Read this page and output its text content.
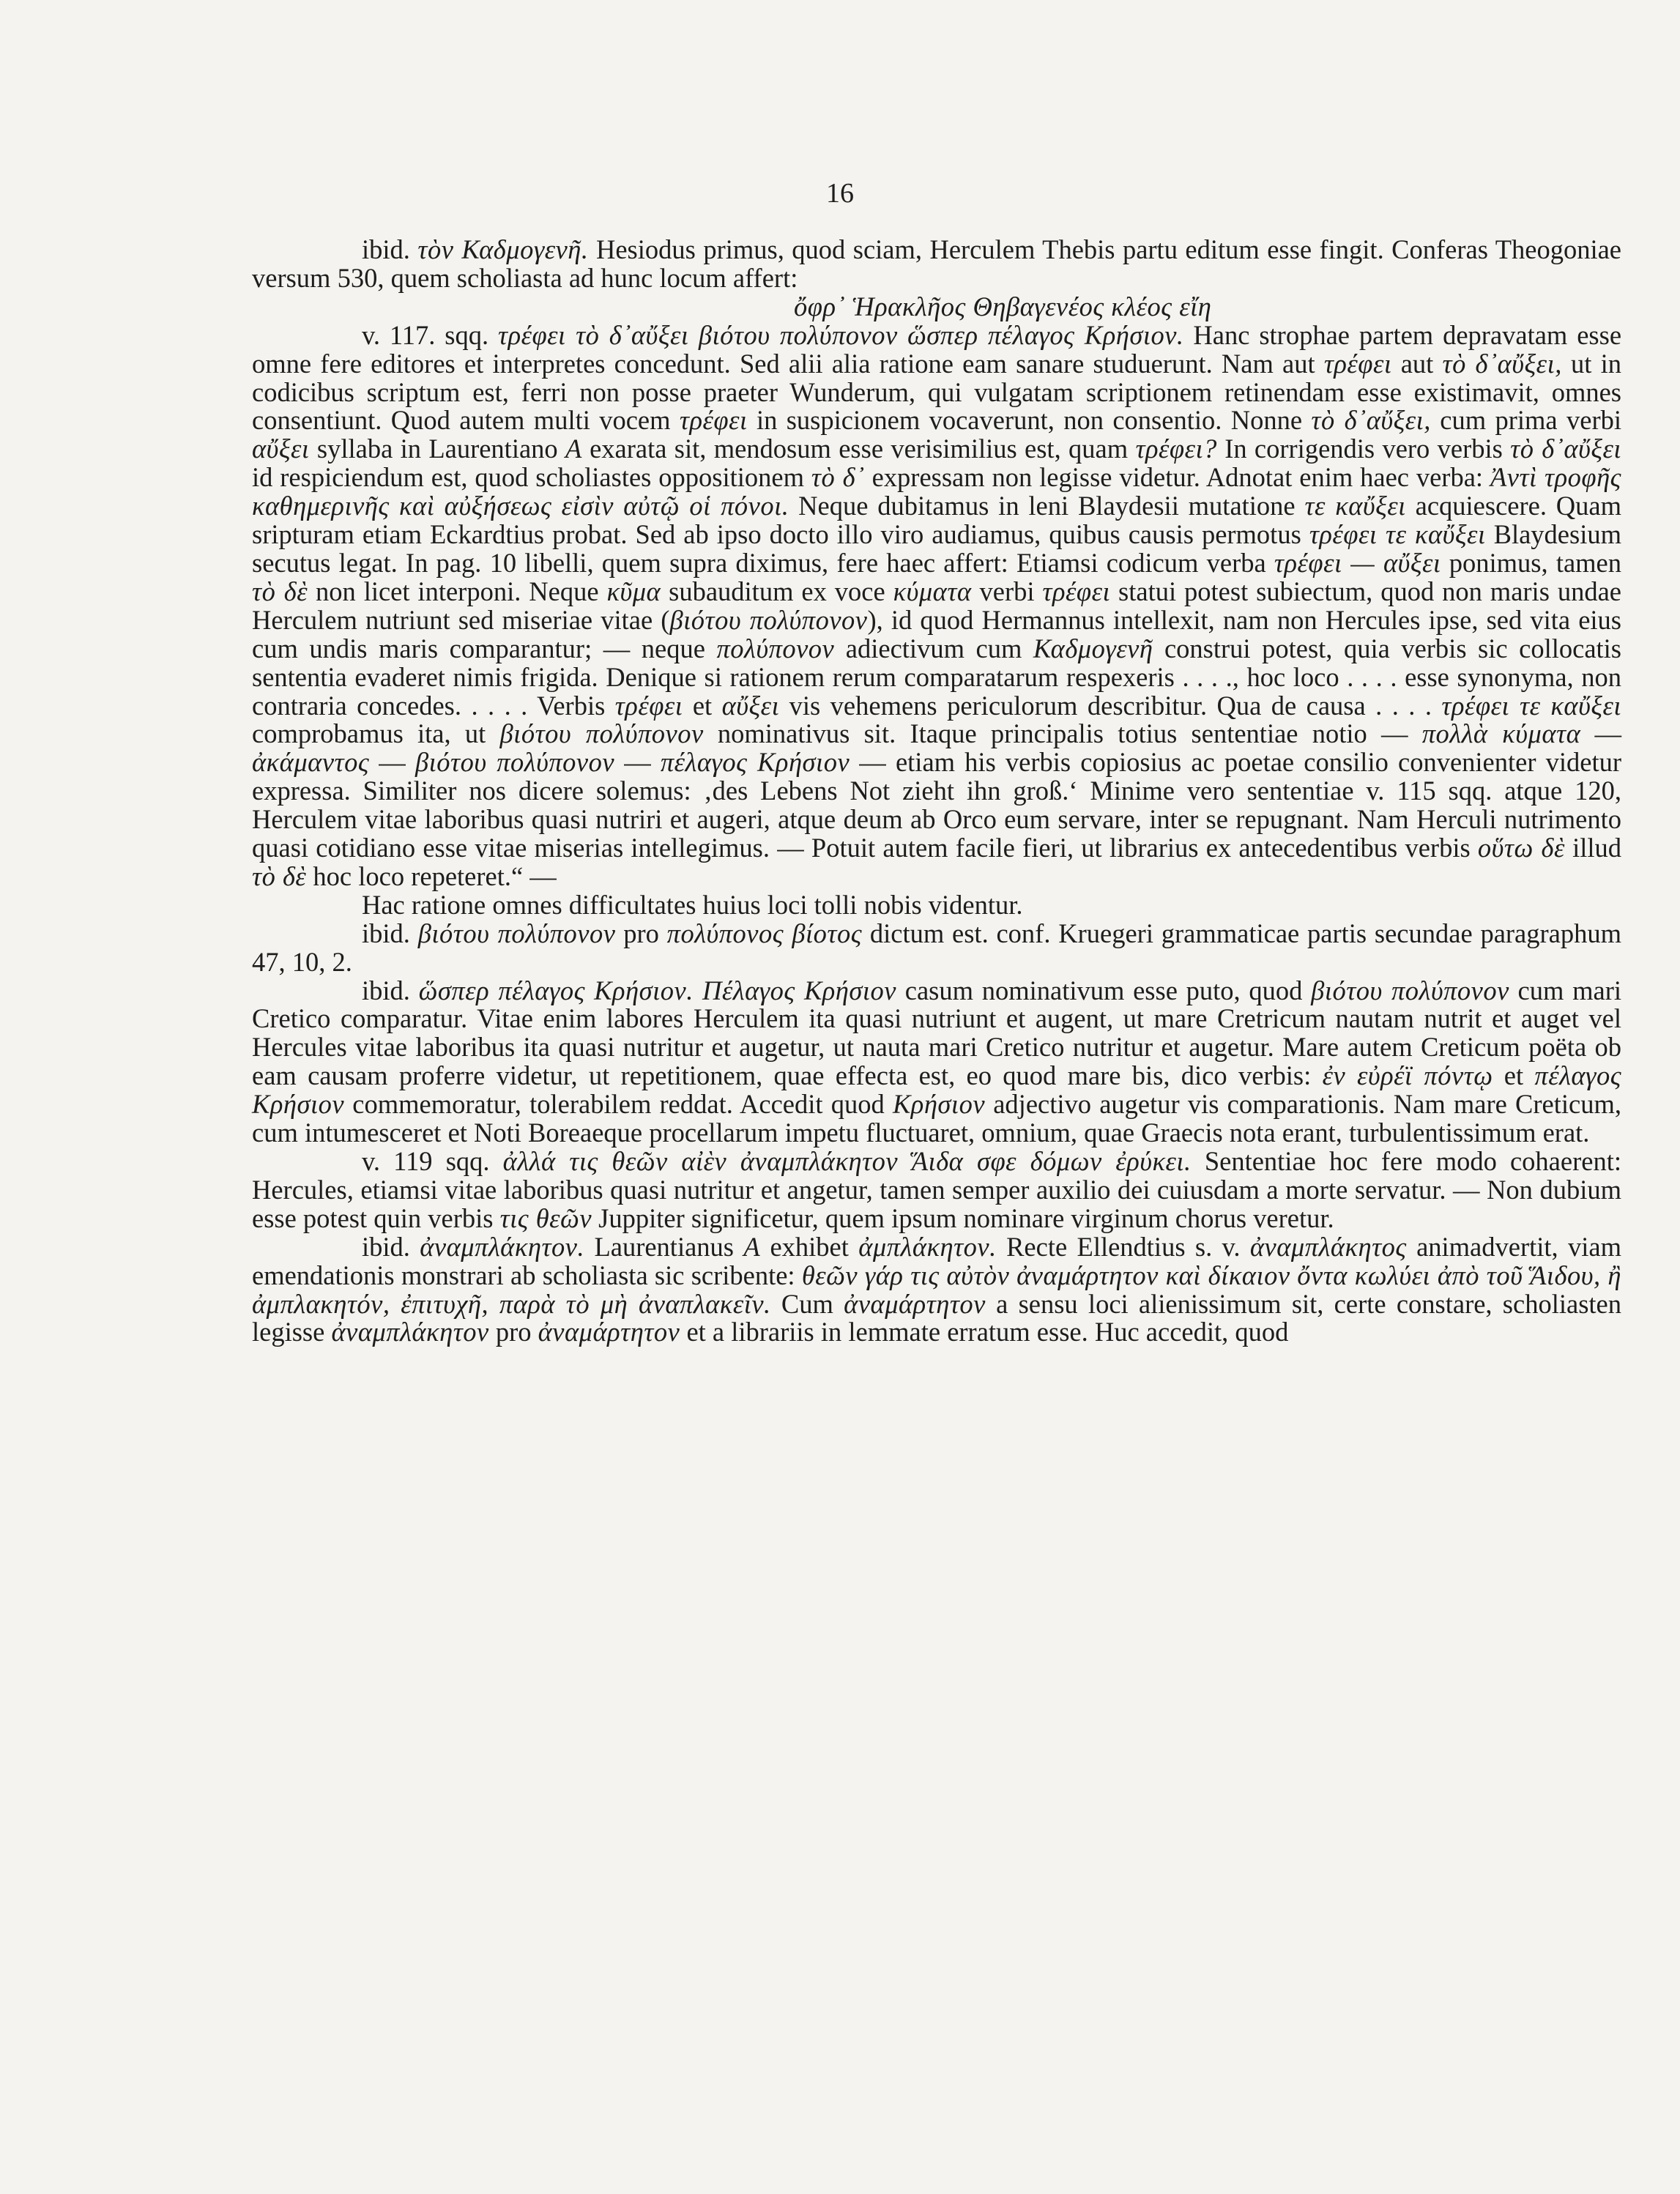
16

ibid. τὸν Καδμογενῆ. Hesiodus primus, quod sciam, Herculem Thebis partu editum esse fingit. Conferas Theogoniae versum 530, quem scholiasta ad hunc locum affert:

ὄφρ᾽ Ἡρακλῆος Θηβαγενέος κλέος εἴη

v. 117. sqq. τρέφει τὸ δ᾽αὔξει βιότου πολύπονον ὥσπερ πέλαγος Κρήσιον. Hanc strophae partem depravatam esse omne fere editores et interpretes concedunt. Sed alii alia ratione eam sanare studuerunt. Nam aut τρέφει aut τὸ δ᾽αὔξει, ut in codicibus scriptum est, ferri non posse praeter Wunderum, qui vulgatam scriptionem retinendam esse existimavit, omnes consentiunt. Quod autem multi vocem τρέφει in suspicionem vocaverunt, non consentio. Nonne τὸ δ᾽αὔξει, cum prima verbi αὔξει syllaba in Laurentiano Α exarata sit, mendosum esse verisimilius est, quam τρέφει? In corrigendis vero verbis τὸ δ᾽αὔξει id respiciendum est, quod scholiastes oppositionem τὸ δ᾽ expressam non legisse videtur. Adnotat enim haec verba: Ἀντὶ τροφῆς καθημερινῆς καὶ αὐξήσεως εἰσὶν αὐτῷ οἱ πόνοι. Neque dubitamus in leni Blaydesii mutatione τε καὔξει acquiescere. Quam sripturam etiam Eckardtius probat. Sed ab ipso docto illo viro audiamus, quibus causis permotus τρέφει τε καὔξει Blaydesium secutus legat. In pag. 10 libelli, quem supra diximus, fere haec affert: Etiamsi codicum verba τρέφει — αὔξει ponimus, tamen τὸ δὲ non licet interponi. Neque κῦμα subauditum ex voce κύματα verbi τρέφει statui potest subiectum, quod non maris undae Herculem nutriunt sed miseriae vitae (βιότου πολύπονον), id quod Hermannus intellexit, nam non Hercules ipse, sed vita eius cum undis maris comparantur; — neque πολύπονον adiectivum cum Καδμογενῆ construi potest, quia verbis sic collocatis sententia evaderet nimis frigida. Denique si rationem rerum comparatarum respexeris . . . ., hoc loco . . . . esse synonyma, non contraria concedes. . . . . Verbis τρέφει et αὔξει vis vehemens periculorum describitur. Qua de causa . . . . τρέφει τε καὔξει comprobamus ita, ut βιότου πολύπονον nominativus sit. Itaque principalis totius sententiae notio — πολλὰ κύματα — ἀκάμαντος — βιότου πολύπονον — πέλαγος Κρήσιον — etiam his verbis copiosius ac poetae consilio convenienter videtur expressa. Similiter nos dicere solemus: ‚des Lebens Not zieht ihn groß.‘ Minime vero sententiae v. 115 sqq. atque 120, Herculem vitae laboribus quasi nutriri et augeri, atque deum ab Orco eum servare, inter se repugnant. Nam Herculi nutrimento quasi cotidiano esse vitae miserias intellegimus. — Potuit autem facile fieri, ut librarius ex antecedentibus verbis οὕτω δὲ illud τὸ δὲ hoc loco repeteret.“ —

Hac ratione omnes difficultates huius loci tolli nobis videntur.

ibid. βιότου πολύπονον pro πολύπονος βίοτος dictum est. conf. Kruegeri grammaticae partis secundae paragraphum 47, 10, 2.

ibid. ὥσπερ πέλαγος Κρήσιον. Πέλαγος Κρήσιον casum nominativum esse puto, quod βιότου πολύπονον cum mari Cretico comparatur. Vitae enim labores Herculem ita quasi nutriunt et augent, ut mare Cretricum nautam nutrit et auget vel Hercules vitae laboribus ita quasi nutritur et augetur, ut nauta mari Cretico nutritur et augetur. Mare autem Creticum poëta ob eam causam proferre videtur, ut repetitionem, quae effecta est, eo quod mare bis, dico verbis: ἐν εὐρέϊ πόντῳ et πέλαγος Κρήσιον commemoratur, tolerabilem reddat. Accedit quod Κρήσιον adjectivo augetur vis comparationis. Nam mare Creticum, cum intumesceret et Noti Boreaeque procellarum impetu fluctuaret, omnium, quae Graecis nota erant, turbulentissimum erat.

v. 119 sqq. ἀλλά τις θεῶν αἰὲν ἀναμπλάκητον Ἅιδα σφε δόμων ἐρύκει. Sententiae hoc fere modo cohaerent: Hercules, etiamsi vitae laboribus quasi nutritur et angetur, tamen semper auxilio dei cuiusdam a morte servatur. — Non dubium esse potest quin verbis τις θεῶν Juppiter significetur, quem ipsum nominare virginum chorus veretur.

ibid. ἀναμπλάκητον. Laurentianus Α exhibet ἀμπλάκητον. Recte Ellendtius s. v. ἀναμπλάκητος animadvertit, viam emendationis monstrari ab scholiasta sic scribente: θεῶν γάρ τις αὐτὸν ἀναμάρτητον καὶ δίκαιον ὄντα κωλύει ἀπὸ τοῦ Ἅιδου, ἢ ἀμπλακητόν, ἐπιτυχῆ, παρὰ τὸ μὴ ἀναπλακεῖν. Cum ἀναμάρτητον a sensu loci alienissimum sit, certe constare, scholiasten legisse ἀναμπλάκητον pro ἀναμάρτητον et a librariis in lemmate erratum esse. Huc accedit, quod
